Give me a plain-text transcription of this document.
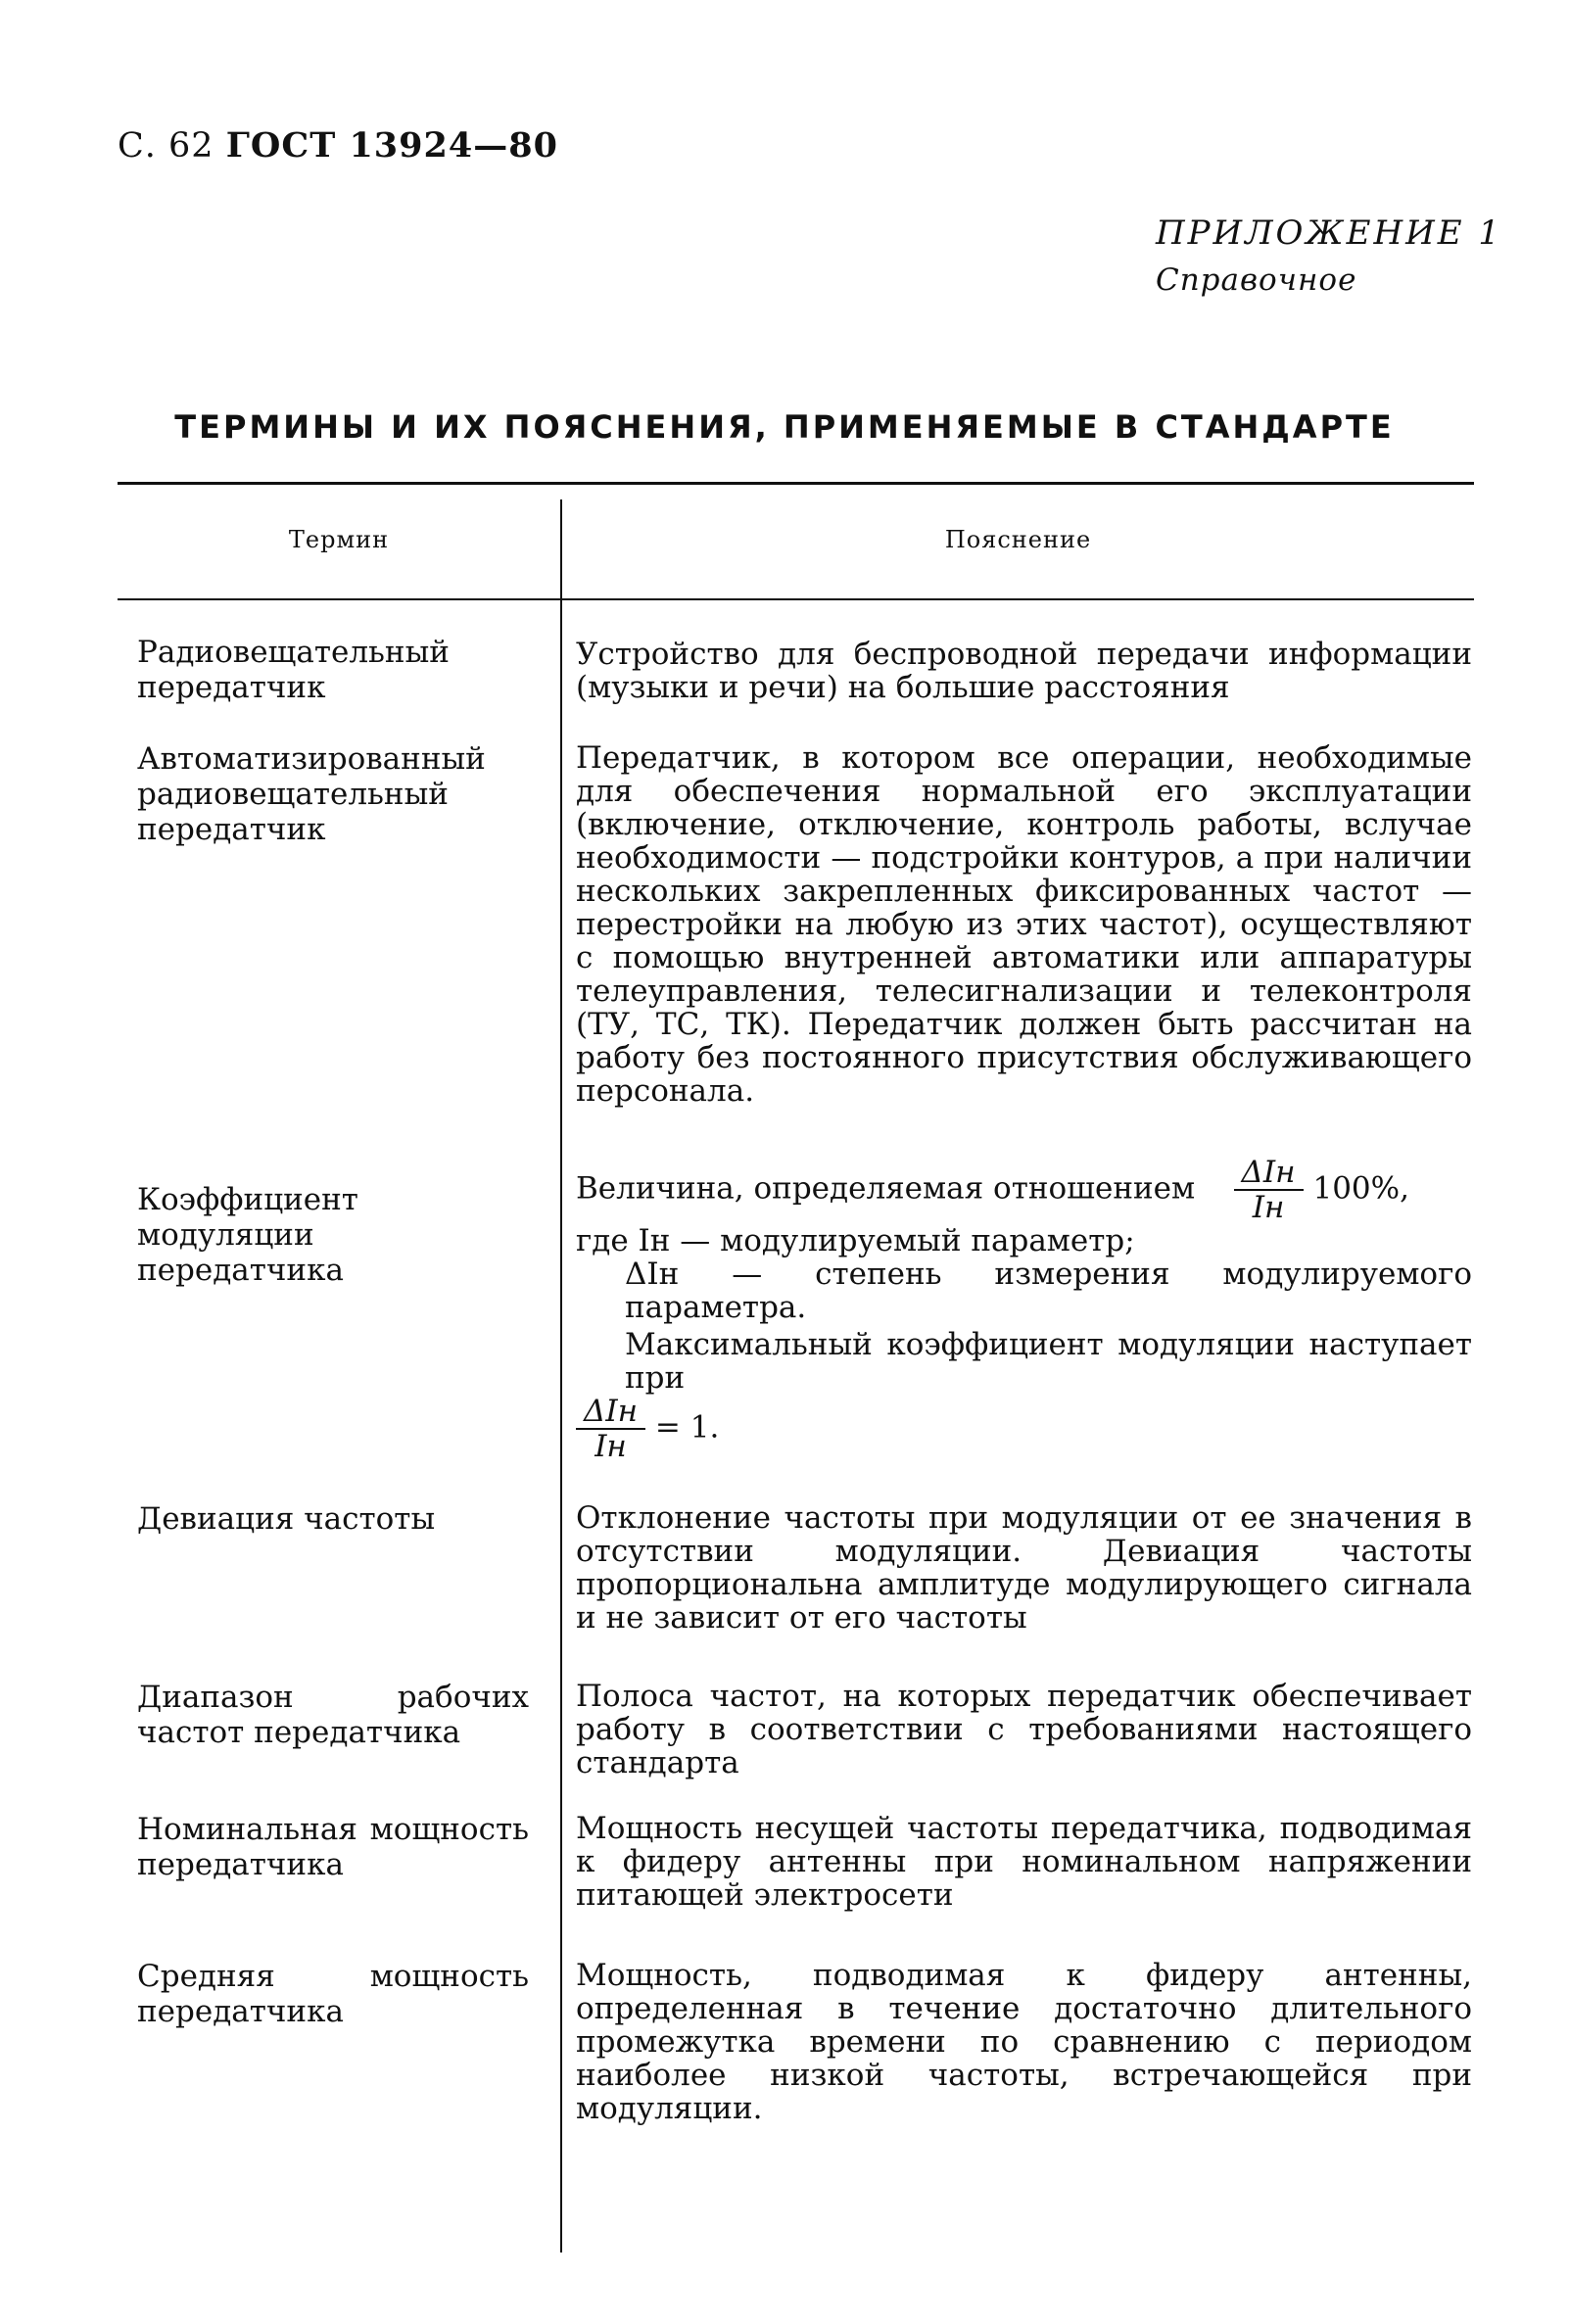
С. 62 ГОСТ 13924—80
ПРИЛОЖЕНИЕ 1
Справочное
ТЕРМИНЫ И ИХ ПОЯСНЕНИЯ, ПРИМЕНЯЕМЫЕ В СТАНДАРТЕ
Термин	Пояснение
Радиовещательный передатчик
Устройство для беспроводной передачи информации (музыки и речи) на большие расстояния
Автоматизированный радиовещательный передатчик
Передатчик, в котором все операции, необходимые для обеспечения нормальной его эксплуатации (включение, отключение, контроль работы, вслучае необходимости — подстройки контуров, а при наличии нескольких закрепленных фиксированных частот — перестройки на любую из этих частот), осуществляют с помощью внутренней автоматики или аппаратуры телеуправления, телесигнализации и телеконтроля (ТУ, ТС, ТК). Передатчик должен быть рассчитан на работу без постоянного присутствия обслуживающего персонала.
Коэффициент модуляции передатчика

Величина, определяемая отношением $\frac{\text{ΔIн}}{Iн} 100\%$,

где Iн — модулируемый параметр;

ΔIн — степень измерения модулируемого параметра.

Максимальный коэффициент модуляции наступает при

$\frac{\text{ΔIн}}{Iн} = 1$.

Девиация частоты	Отклонение частоты при модуляции от ее значения в отсутствии модуляции. Девиация частоты пропорциональна амплитуде модулирующего сигнала и не зависит от его частоты
Диапазон рабочих частот передатчика
Полоса частот, на которых передатчик обеспечивает работу в соответствии с требованиями настоящего стандарта
Номинальная мощность передатчика
Мощность несущей частоты передатчика, подводимая к фидеру антенны при номинальном напряжении питающей электросети
Средняя мощность передатчика
Мощность, подводимая к фидеру антенны, определенная в течение достаточно длительного промежутка времени по сравнению с периодом наиболее низкой частоты, встречающейся при модуляции.
